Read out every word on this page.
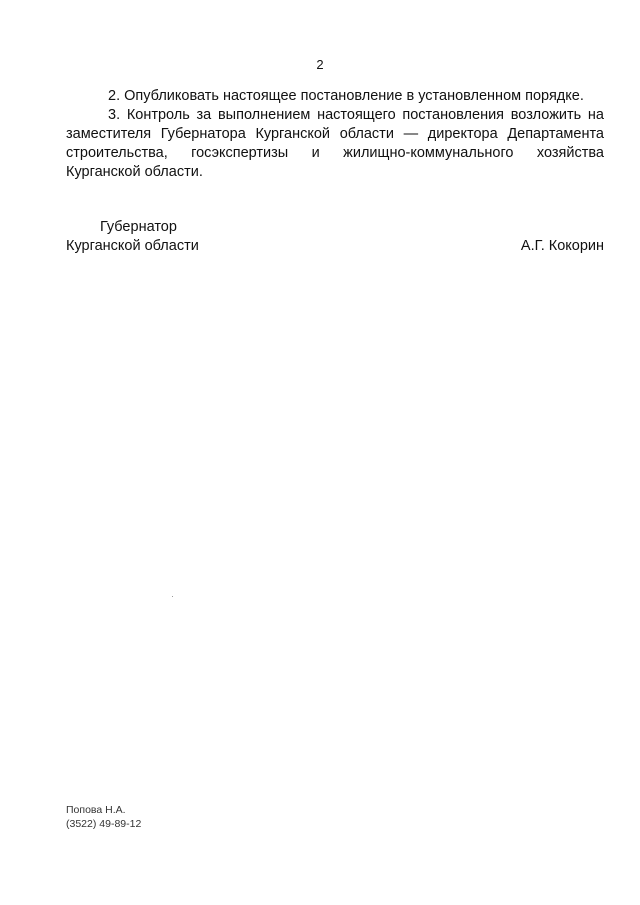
2

2. Опубликовать настоящее постановление в установленном порядке.

3. Контроль за выполнением настоящего постановления возложить на заместителя Губернатора Курганской области — директора Департамента строительства, госэкспертизы и жилищно-коммунального хозяйства Курганской области.

Губернатор
Курганской области	А.Г. Кокорин
Попова Н.А.
(3522) 49-89-12
